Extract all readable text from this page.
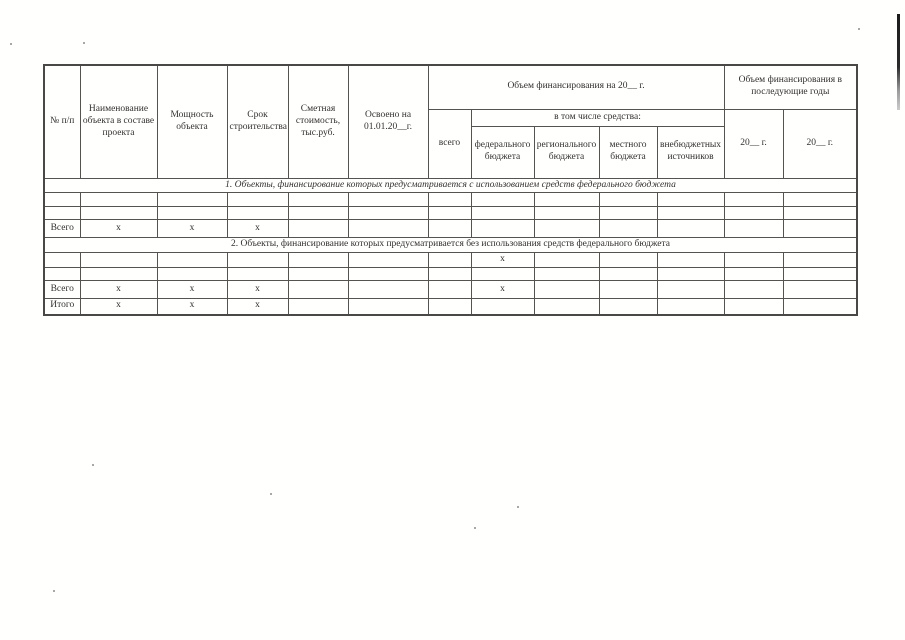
№ п/п	Наименование объекта в составе проекта	Мощность объекта	Срок строительства	Сметная стоимость, тыс.руб.	Освоено на 01.01.20__г.	Объем финансирования на 20__ г.					Объем финансирования в последующие годы	
						всего	в том числе средства:				20__ г.	20__ г.
							федерального бюджета	регионального бюджета	местного бюджета	внебюджетных источников		
1. Объекты, финансирование которых предусматривается с использованием средств федерального бюджета												

Всего	х	х	х									
2. Объекты, финансирование которых предусматривается без использования средств федерального бюджета												
							х					

Всего	х	х	х				х					
Итого	х	х	х									
